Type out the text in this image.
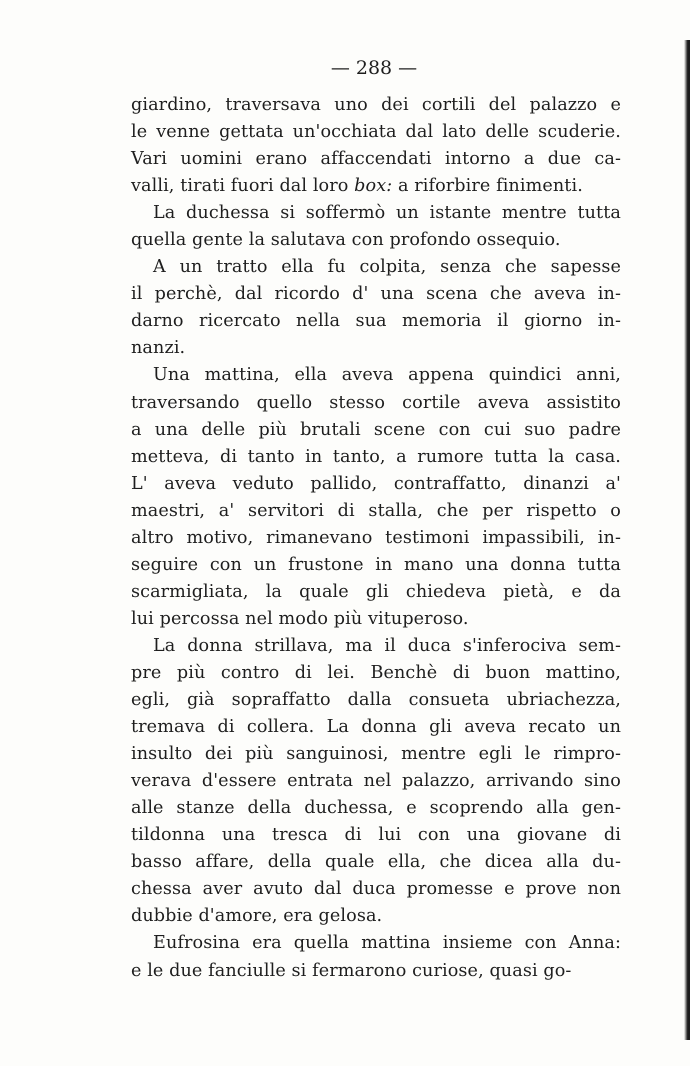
— 288 —
giardino, traversava uno dei cortili del palazzo e
le venne gettata un'occhiata dal lato delle scuderie.
Vari uomini erano affaccendati intorno a due ca-
valli, tirati fuori dal loro box: a riforbire finimenti.
La duchessa si soffermò un istante mentre tutta
quella gente la salutava con profondo ossequio.
A un tratto ella fu colpita, senza che sapesse
il perchè, dal ricordo d' una scena che aveva in-
darno ricercato nella sua memoria il giorno in-
nanzi.
Una mattina, ella aveva appena quindici anni,
traversando quello stesso cortile aveva assistito
a una delle più brutali scene con cui suo padre
metteva, di tanto in tanto, a rumore tutta la casa.
L' aveva veduto pallido, contraffatto, dinanzi a'
maestri, a' servitori di stalla, che per rispetto o
altro motivo, rimanevano testimoni impassibili, in-
seguire con un frustone in mano una donna tutta
scarmigliata, la quale gli chiedeva pietà, e da
lui percossa nel modo più vituperoso.
La donna strillava, ma il duca s'inferociva sem-
pre più contro di lei. Benchè di buon mattino,
egli, già sopraffatto dalla consueta ubriachezza,
tremava di collera. La donna gli aveva recato un
insulto dei più sanguinosi, mentre egli le rimpro-
verava d'essere entrata nel palazzo, arrivando sino
alle stanze della duchessa, e scoprendo alla gen-
tildonna una tresca di lui con una giovane di
basso affare, della quale ella, che dicea alla du-
chessa aver avuto dal duca promesse e prove non
dubbie d'amore, era gelosa.
Eufrosina era quella mattina insieme con Anna:
e le due fanciulle si fermarono curiose, quasi go-
